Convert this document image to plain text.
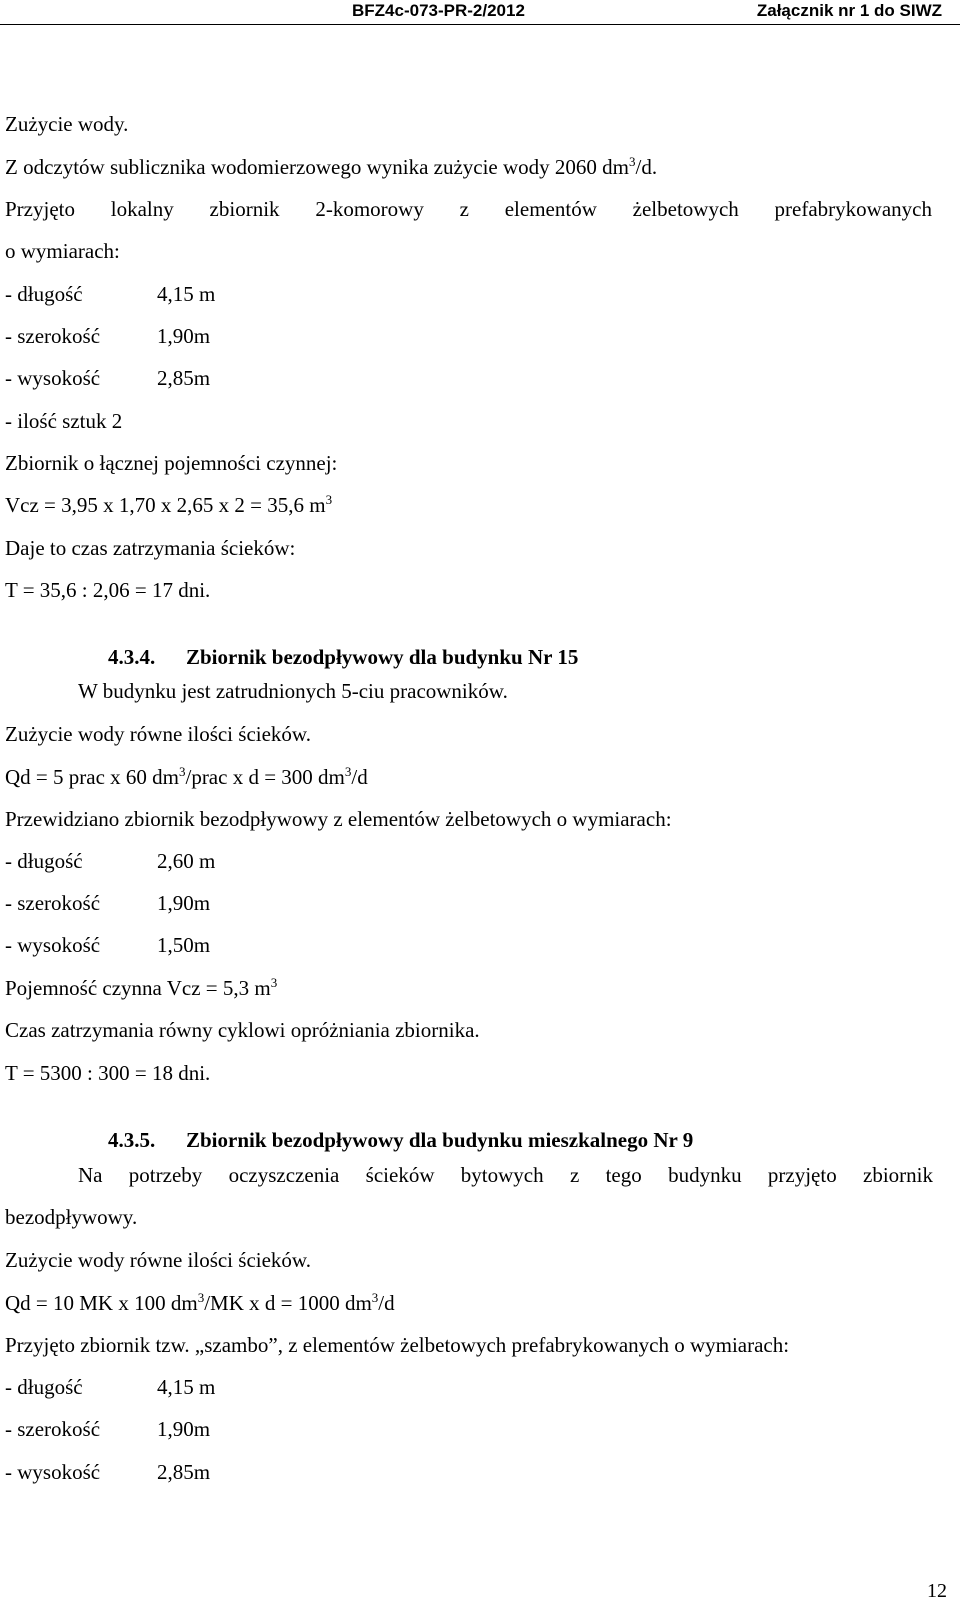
BFZ4c-073-PR-2/2012	Załącznik nr 1 do SIWZ
Zużycie wody.
Z odczytów sublicznika wodomierzowego wynika zużycie wody 2060 $dm^3/d$.
Przyjęto lokalny zbiornik 2-komorowy z elementów żelbetowych prefabrykowanych
o wymiarach:
- długość	4,15 m
- szerokość	1,90m
- wysokość	2,85m
- ilość sztuk 2
Zbiornik o łącznej pojemności czynnej:
Vcz = 3,95 x 1,70 x 2,65 x 2 = 35,6 $m^3$
Daje to czas zatrzymania ścieków:
T = 35,6 : 2,06 = 17 dni.
4.3.4. Zbiornik bezodpływowy dla budynku Nr 15
W budynku jest zatrudnionych 5-ciu pracowników.
Zużycie wody równe ilości ścieków.
Qd = 5 prac x 60 $dm^3$/prac x d = 300 $dm^3/d$
Przewidziano zbiornik bezodpływowy z elementów żelbetowych o wymiarach:
- długość	2,60 m
- szerokość	1,90m
- wysokość	1,50m
Pojemność czynna Vcz = 5,3 $m^3$
Czas zatrzymania równy cyklowi opróżniania zbiornika.
T = 5300 : 300 = 18 dni.
4.3.5. Zbiornik bezodpływowy dla budynku mieszkalnego Nr 9
Na potrzeby oczyszczenia ścieków bytowych z tego budynku przyjęto zbiornik
bezodpływowy.
Zużycie wody równe ilości ścieków.
Qd = 10 MK x 100 $dm^3/MK$ x d = 1000 $dm^3/d$
Przyjęto zbiornik tzw. „szambo”, z elementów żelbetowych prefabrykowanych o wymiarach:
- długość	4,15 m
- szerokość	1,90m
- wysokość	2,85m
12
